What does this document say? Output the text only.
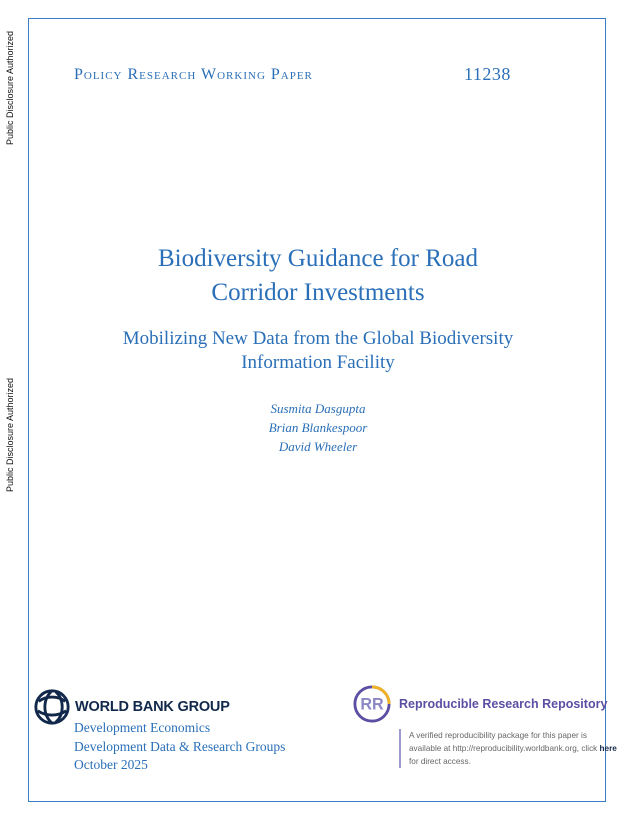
Public Disclosure Authorized
Public Disclosure Authorized
Policy Research Working Paper	11238
Biodiversity Guidance for Road
Corridor Investments
Mobilizing New Data from the Global Biodiversity
Information Facility
Susmita Dasgupta
Brian Blankespoor
David Wheeler
WORLD BANK GROUP
Development Economics
Development Data & Research Groups
October 2025
RR Reproducible Research Repository
A verified reproducibility package for this paper is available at http://reproducibility.worldbank.org, click here for direct access.
